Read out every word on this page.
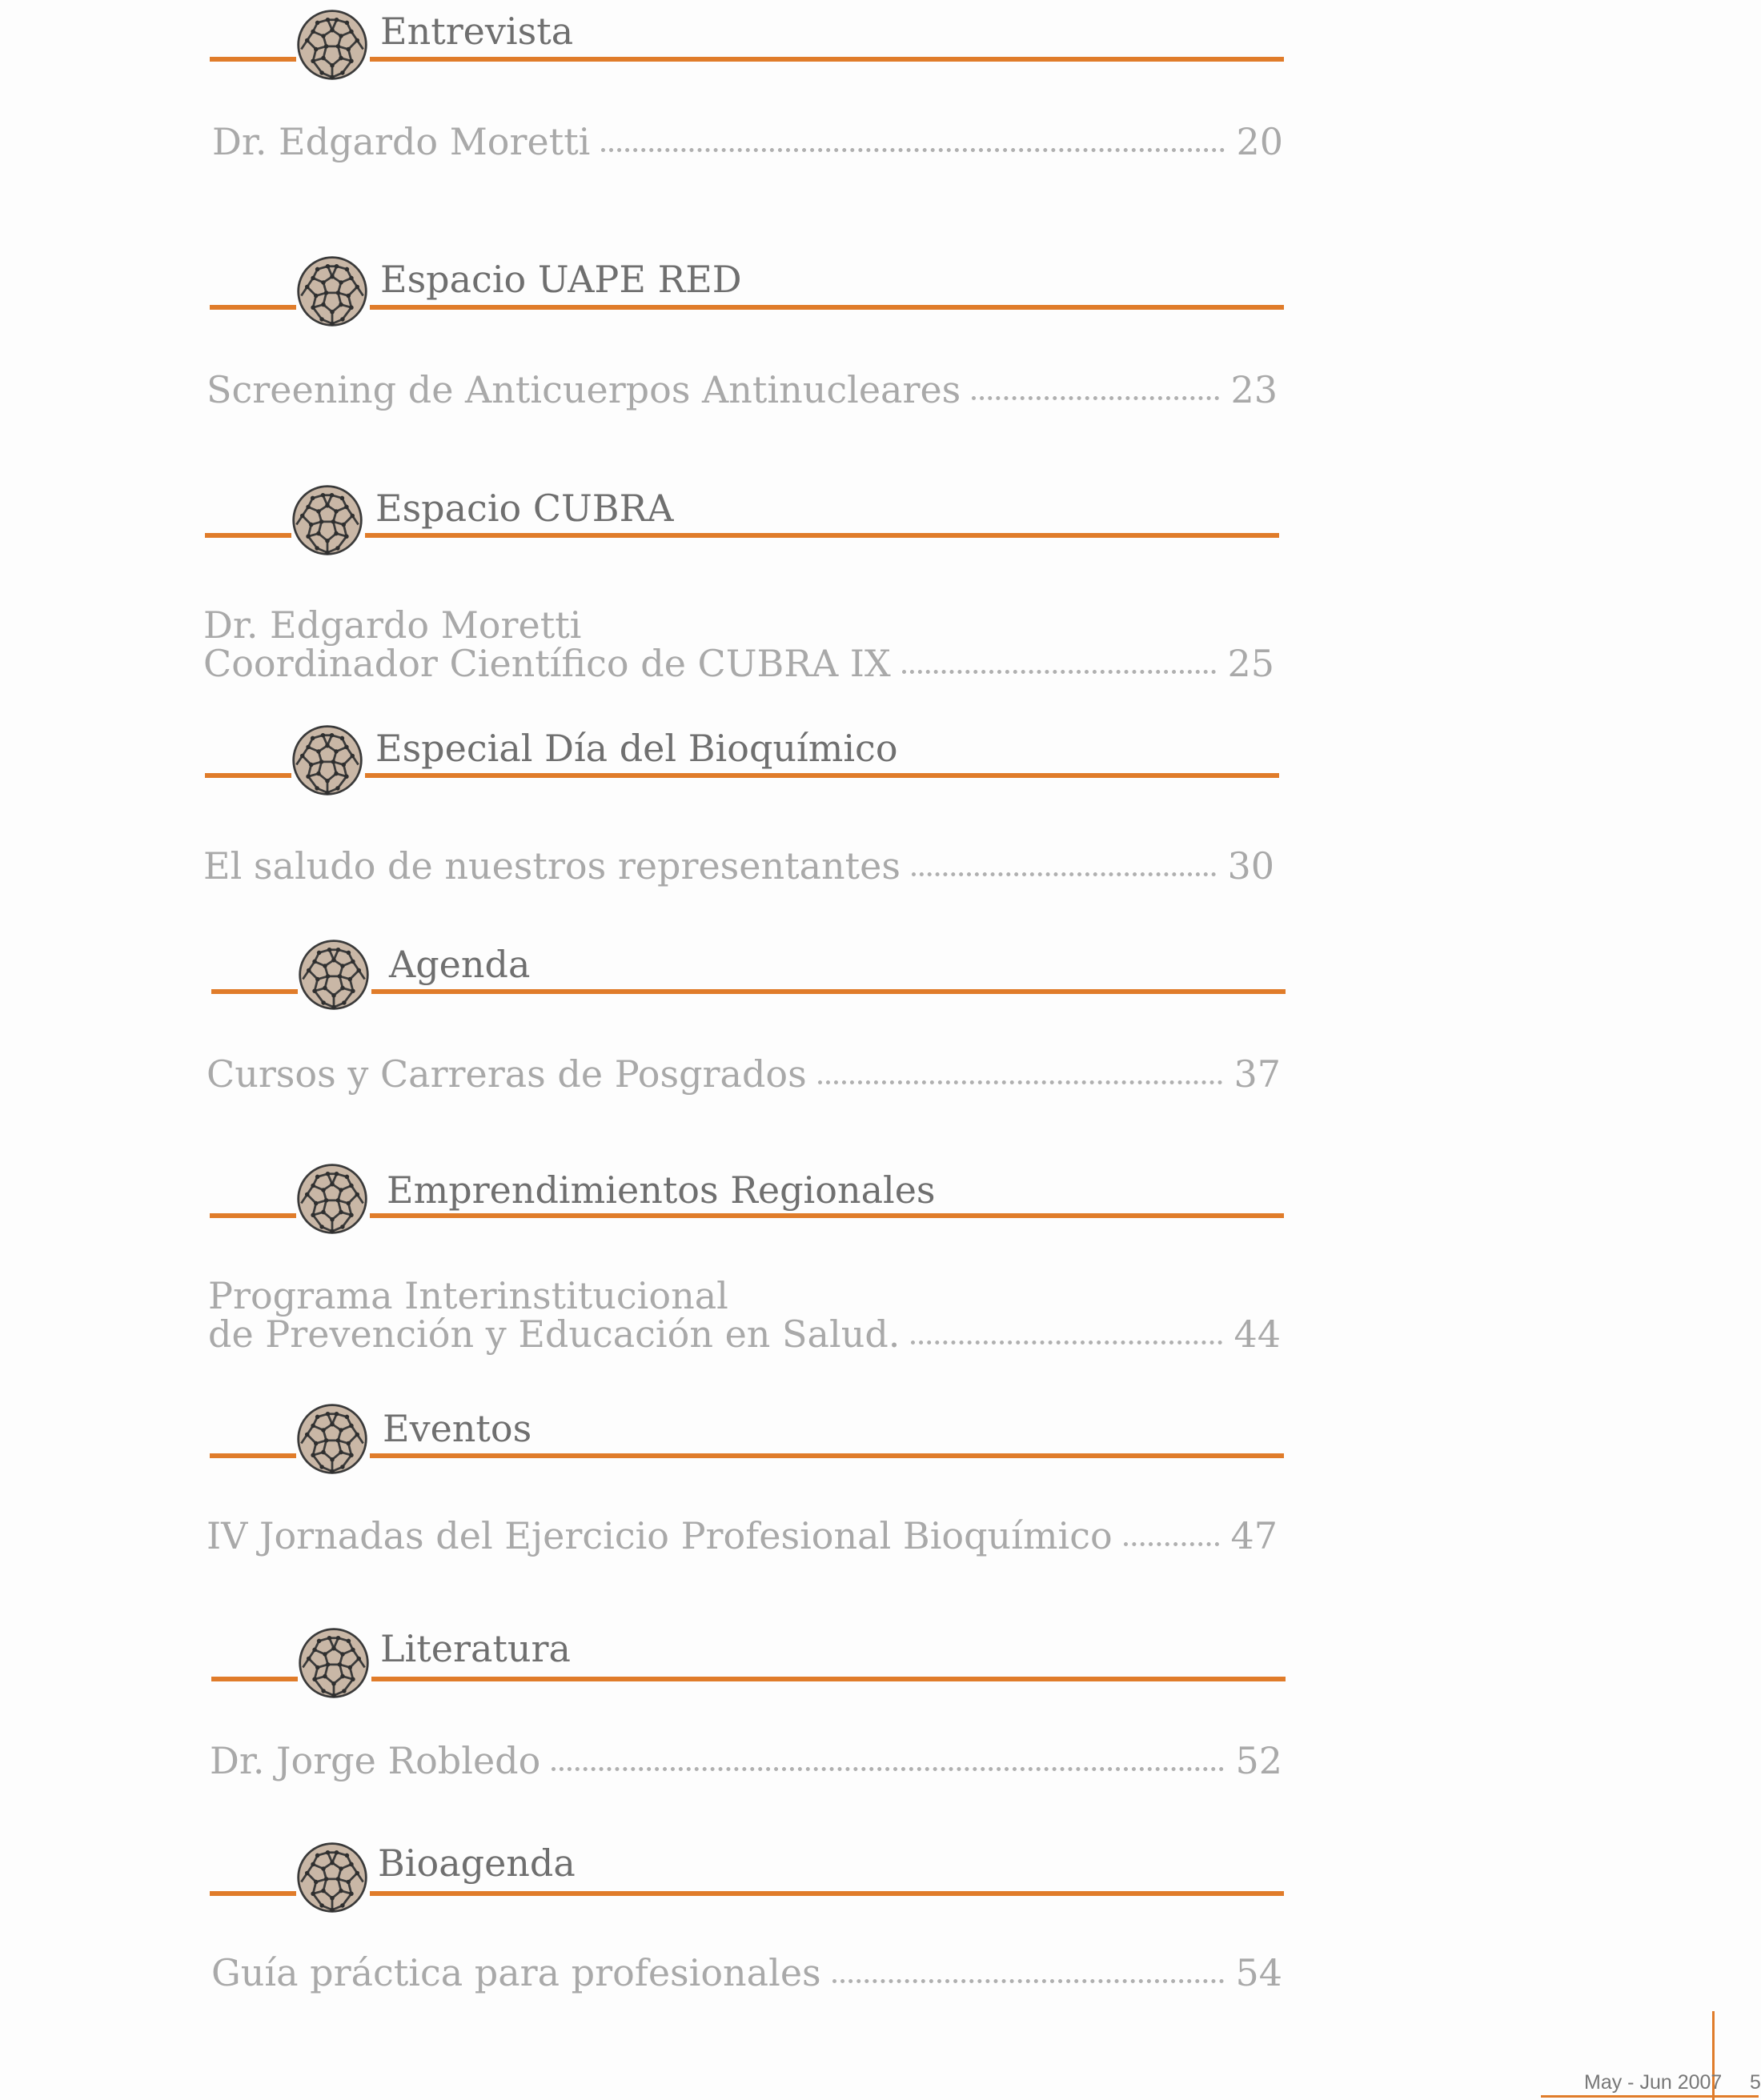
Entrevista
Dr. Edgardo Moretti	20
Espacio UAPE RED
Screening de Anticuerpos Antinucleares	23
Espacio CUBRA
Dr. Edgardo Moretti
Coordinador Científico de CUBRA IX	25
Especial Día del Bioquímico
El saludo de nuestros representantes	30
Agenda
Cursos y Carreras de Posgrados	37
Emprendimientos Regionales
Programa Interinstitucional
de Prevención y Educación en Salud.	44
Eventos
IV Jornadas del Ejercicio Profesional Bioquímico	47
Literatura
Dr. Jorge Robledo	52
Bioagenda
Guía práctica para profesionales	54
May - Jun 2007 5
